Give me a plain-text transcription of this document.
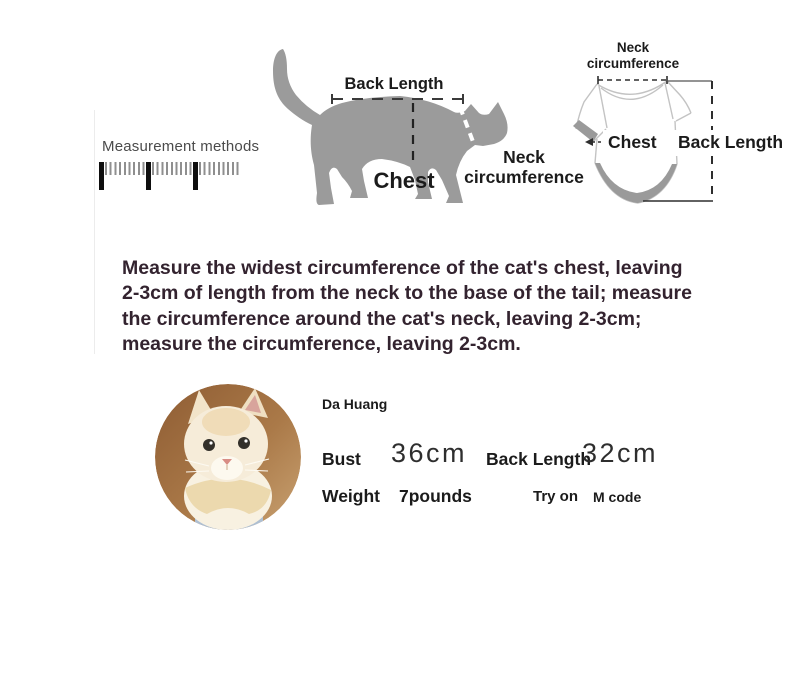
Measurement methods
Back Length
Chest
Neck
circumference
Neck
circumference
Chest	Back Length
Measure the widest circumference of the cat's chest, leaving
2-3cm of length from the neck to the base of the tail; measure
the circumference around the cat's neck, leaving 2-3cm;
measure the circumference, leaving 2-3cm.
Da Huang
Bust 36cm Back Length
32cm
Weight 7pounds	Try on M code
